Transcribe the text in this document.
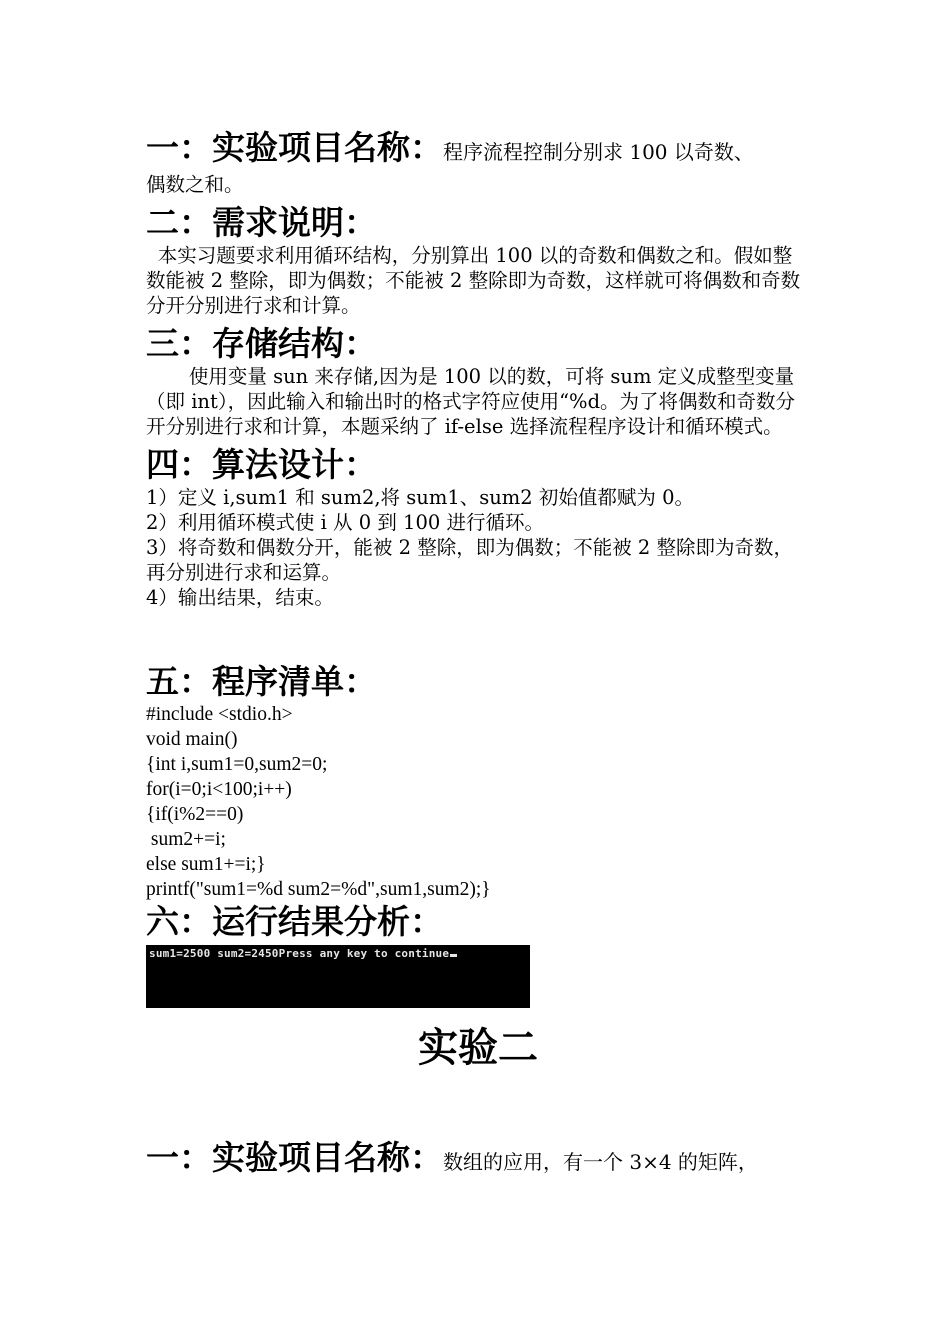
一：实验项目名称：程序流程控制分别求 100 以奇数、

偶数之和。

二：需求说明：

本实习题要求利用循环结构，分别算出 100 以的奇数和偶数之和。假如整数能被 2 整除，即为偶数；不能被 2 整除即为奇数，这样就可将偶数和奇数分开分别进行求和计算。

三：存储结构：

使用变量 sun 来存储,因为是 100 以的数，可将 sum 定义成整型变量（即 int），因此输入和输出时的格式字符应使用“%d。为了将偶数和奇数分开分别进行求和计算，本题采纳了 if-else 选择流程程序设计和循环模式。

四：算法设计：

1）定义 i,sum1 和 sum2,将 sum1、sum2 初始值都赋为 0。

2）利用循环模式使 i 从 0 到 100 进行循环。

3）将奇数和偶数分开，能被 2 整除，即为偶数；不能被 2 整除即为奇数，再分别进行求和运算。

4）输出结果，结束。

五：程序清单：

#include <stdio.h>

void main()

{int i,sum1=0,sum2=0;

for(i=0;i<100;i++)

{if(i%2==0)

sum2+=i;

else sum1+=i;}

printf("sum1=%d sum2=%d",sum1,sum2);}

六：运行结果分析：

sum1=2500 sum2=2450Press any key to continue
实验二

一：实验项目名称：数组的应用，有一个 3×4 的矩阵，
